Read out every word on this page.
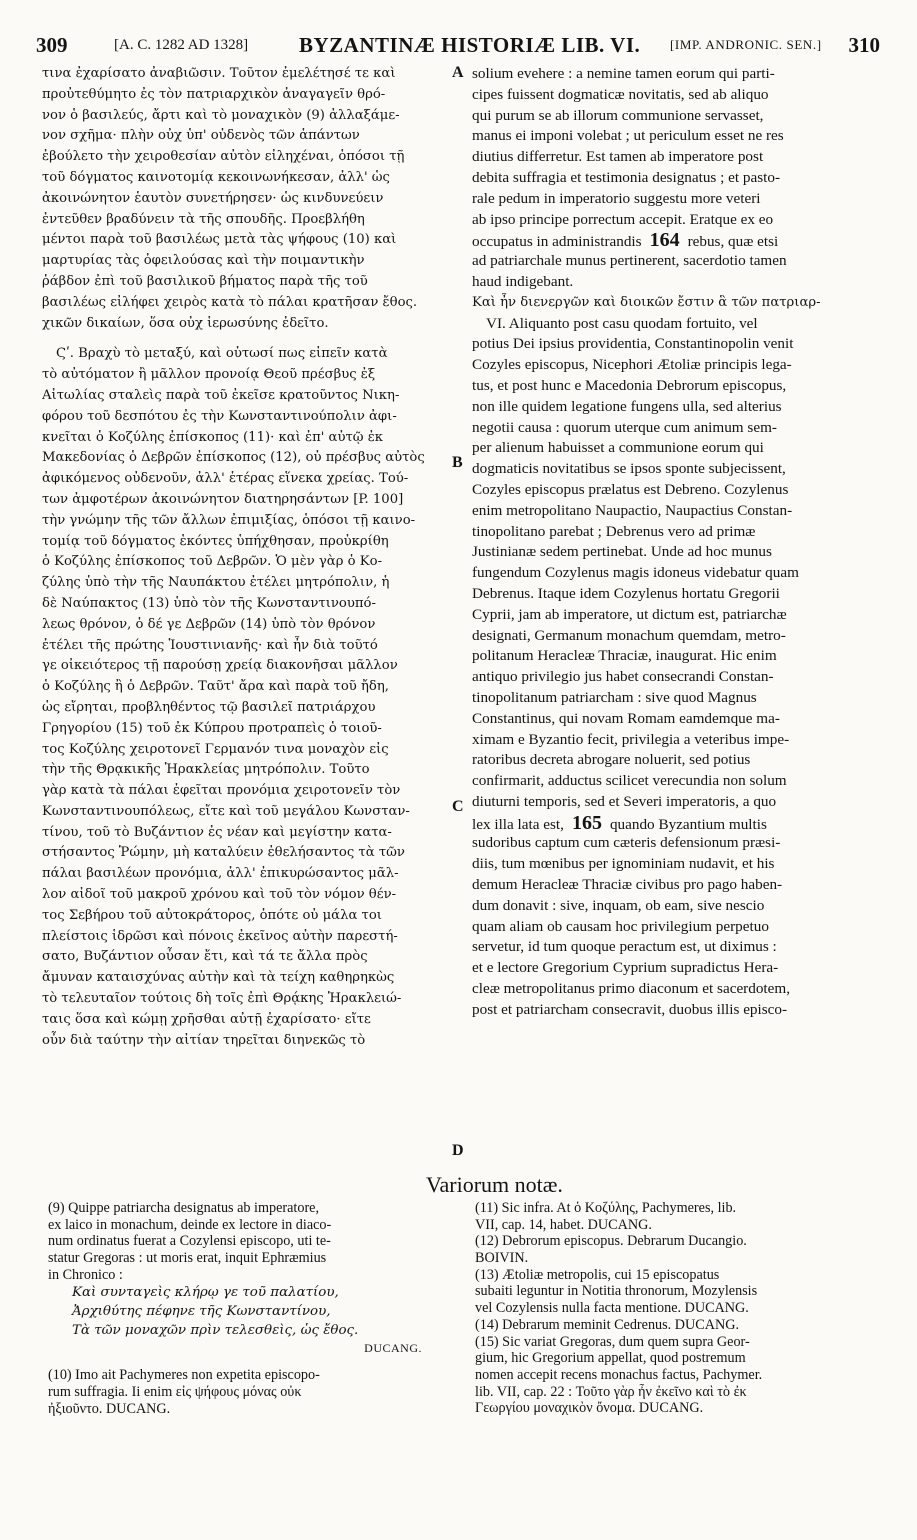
309	[A. C. 1282 AD 1328] BYZANTINÆ HISTORIÆ LIB. VI. [IMP. ANDRONIC. SEN.] 310
τινα ἐχαρίσατο ἀναβιῶσιν. Τοῦτον ἐμελέτησέ τε καὶ
προὐτεθύμητο ἐς τὸν πατριαρχικὸν ἀναγαγεῖν θρό-
νον ὁ βασιλεύς, ἄρτι καὶ τὸ μοναχικὸν (9) ἀλλαξάμε-
νον σχῆμα· πλὴν οὐχ ὑπ' οὐδενὸς τῶν ἁπάντων
ἐβούλετο τὴν χειροθεσίαν αὐτὸν εἰληχέναι, ὁπόσοι τῇ
τοῦ δόγματος καινοτομίᾳ κεκοινωνήκεσαν, ἀλλ' ὡς
ἀκοινώνητον ἑαυτὸν συνετήρησεν· ὡς κινδυνεύειν
ἐντεῦθεν βραδύνειν τὰ τῆς σπουδῆς. Προεβλήθη
μέντοι παρὰ τοῦ βασιλέως μετὰ τὰς ψήφους (10) καὶ
μαρτυρίας τὰς ὀφειλούσας καὶ τὴν ποιμαντικὴν
ῥάβδον ἐπὶ τοῦ βασιλικοῦ βήματος παρὰ τῆς τοῦ
βασιλέως εἰλήφει χειρὸς κατὰ τὸ πάλαι κρατῆσαν ἔθος.
χικῶν δικαίων, ὅσα οὐχ ἱερωσύνης ἐδεῖτο.
Ϛʹ. Βραχὺ τὸ μεταξύ, καὶ οὑτωσί πως εἰπεῖν κατὰ
τὸ αὐτόματον ἢ μᾶλλον προνοίᾳ Θεοῦ πρέσβυς ἐξ
Αἰτωλίας σταλεὶς παρὰ τοῦ ἐκεῖσε κρατοῦντος Νικη-
φόρου τοῦ δεσπότου ἐς τὴν Κωνσταντινούπολιν ἀφι-
κνεῖται ὁ Κοζύλης ἐπίσκοπος (11)· καὶ ἐπ' αὐτῷ ἐκ
Μακεδονίας ὁ Δεβρῶν ἐπίσκοπος (12), οὐ πρέσβυς αὐτὸς
ἀφικόμενος οὐδενοῦν, ἀλλ' ἑτέρας εἵνεκα χρείας. Τού-
των ἀμφοτέρων ἀκοινώνητον διατηρησάντων [P. 100]
τὴν γνώμην τῆς τῶν ἄλλων ἐπιμιξίας, ὁπόσοι τῇ καινο-
τομίᾳ τοῦ δόγματος ἑκόντες ὑπήχθησαν, προὐκρίθη
ὁ Κοζύλης ἐπίσκοπος τοῦ Δεβρῶν. Ὁ μὲν γὰρ ὁ Κο-
ζύλης ὑπὸ τὴν τῆς Ναυπάκτου ἐτέλει μητρόπολιν, ἡ
δὲ Ναύπακτος (13) ὑπὸ τὸν τῆς Κωνσταντινουπό-
λεως θρόνον, ὁ δέ γε Δεβρῶν (14) ὑπὸ τὸν θρόνον
ἐτέλει τῆς πρώτης Ἰουστινιανῆς· καὶ ἦν διὰ τοῦτό
γε οἰκειότερος τῇ παρούσῃ χρείᾳ διακονῆσαι μᾶλλον
ὁ Κοζύλης ἢ ὁ Δεβρῶν. Ταῦτ' ἄρα καὶ παρὰ τοῦ ἤδη,
ὡς εἴρηται, προβληθέντος τῷ βασιλεῖ πατριάρχου
Γρηγορίου (15) τοῦ ἐκ Κύπρου προτραπεὶς ὁ τοιοῦ-
τος Κοζύλης χειροτονεῖ Γερμανόν τινα μοναχὸν εἰς
τὴν τῆς Θρᾳκικῆς Ἡρακλείας μητρόπολιν. Τοῦτο
γὰρ κατὰ τὰ πάλαι ἐφεῖται προνόμια χειροτονεῖν τὸν
Κωνσταντινουπόλεως, εἴτε καὶ τοῦ μεγάλου Κωνσταν-
τίνου, τοῦ τὸ Βυζάντιον ἐς νέαν καὶ μεγίστην κατα-
στήσαντος Ῥώμην, μὴ καταλύειν ἐθελήσαντος τὰ τῶν
πάλαι βασιλέων προνόμια, ἀλλ' ἐπικυρώσαντος μᾶλ-
λον αἰδοῖ τοῦ μακροῦ χρόνου καὶ τοῦ τὸν νόμον θέν-
τος Σεβήρου τοῦ αὐτοκράτορος, ὁπότε οὐ μάλα τοι
πλείστοις ἱδρῶσι καὶ πόνοις ἐκεῖνος αὐτὴν παρεστή-
σατο, Βυζάντιον οὖσαν ἔτι, καὶ τά τε ἄλλα πρὸς
ἄμυναν καταισχύνας αὐτὴν καὶ τὰ τείχη καθηρηκὼς
τὸ τελευταῖον τούτοις δὴ τοῖς ἐπὶ Θρᾴκης Ἡρακλειώ-
ταις ὅσα καὶ κώμῃ χρῆσθαι αὐτῇ ἐχαρίσατο· εἴτε
οὖν διὰ ταύτην τὴν αἰτίαν τηρεῖται διηνεκῶς τὸ
solium evehere : a nemine tamen eorum qui parti-
cipes fuissent dogmaticæ novitatis, sed ab aliquo
qui purum se ab illorum communione servasset,
manus ei imponi volebat ; ut periculum esset ne res
diutius differretur. Est tamen ab imperatore post
debita suffragia et testimonia designatus ; et pasto-
rale pedum in imperatorio suggestu more veteri
ab ipso principe porrectum accepit. Eratque ex eo
occupatus in administrandis 164 rebus, quæ etsi
ad patriarchale munus pertinerent, sacerdotio tamen
haud indigebant.
Καὶ ἦν διενεργῶν καὶ διοικῶν ἔστιν ἃ τῶν πατριαρ-
VI. Aliquanto post casu quodam fortuito, vel
potius Dei ipsius providentia, Constantinopolin venit
Cozyles episcopus, Nicephori Ætoliæ principis lega-
tus, et post hunc e Macedonia Debrorum episcopus,
non ille quidem legatione fungens ulla, sed alterius
negotii causa : quorum uterque cum animum sem-
per alienum habuisset a communione eorum qui
dogmaticis novitatibus se ipsos sponte subjecissent,
Cozyles episcopus prælatus est Debreno. Cozylenus
enim metropolitano Naupactio, Naupactius Constan-
tinopolitano parebat ; Debrenus vero ad primæ
Justinianæ sedem pertinebat. Unde ad hoc munus
fungendum Cozylenus magis idoneus videbatur quam
Debrenus. Itaque idem Cozylenus hortatu Gregorii
Cyprii, jam ab imperatore, ut dictum est, patriarchæ
designati, Germanum monachum quemdam, metro-
politanum Heracleæ Thraciæ, inaugurat. Hic enim
antiquo privilegio jus habet consecrandi Constan-
tinopolitanum patriarcham : sive quod Magnus
Constantinus, qui novam Romam eamdemque ma-
ximam e Byzantio fecit, privilegia a veteribus impe-
ratoribus decreta abrogare noluerit, sed potius
confirmarit, adductus scilicet verecundia non solum
diuturni temporis, sed et Severi imperatoris, a quo
lex illa lata est, 165 quando Byzantium multis
sudoribus captum cum cæteris defensionum præsi-
diis, tum mœnibus per ignominiam nudavit, et his
demum Heracleæ Thraciæ civibus pro pago haben-
dum donavit : sive, inquam, ob eam, sive nescio
quam aliam ob causam hoc privilegium perpetuo
servetur, id tum quoque peractum est, ut diximus :
et e lectore Gregorium Cyprium supradictus Hera-
cleæ metropolitanus primo diaconum et sacerdotem,
post et patriarcham consecravit, duobus illis episco-
A
B
C
D
Variorum notæ.
(9) Quippe patriarcha designatus ab imperatore,
ex laico in monachum, deinde ex lectore in diaco-
num ordinatus fuerat a Cozylensi episcopo, uti te-
statur Gregoras : ut moris erat, inquit Ephræmius
in Chronico :
Καὶ συνταγεὶς κλήρῳ γε τοῦ παλατίου,
Ἀρχιθύτης πέφηνε τῆς Κωνσταντίνου,
Τὰ τῶν μοναχῶν πρὶν τελεσθεὶς, ὡς ἔθος.
DUCANG.
(10) Imo ait Pachymeres non expetita episcopo-
rum suffragia. Ii enim εἰς ψήφους μόνας οὐκ
ἠξιοῦντο. DUCANG.
(11) Sic infra. At ὁ Κοζύλης, Pachymeres, lib.
VII, cap. 14, habet. DUCANG.
(12) Debrorum episcopus. Debrarum Ducangio.
BOIVIN.
(13) Ætoliæ metropolis, cui 15 episcopatus
subaiti leguntur in Notitia thronorum, Mozylensis
vel Cozylensis nulla facta mentione. DUCANG.
(14) Debrarum meminit Cedrenus. DUCANG.
(15) Sic variat Gregoras, dum quem supra Geor-
gium, hic Gregorium appellat, quod postremum
nomen accepit recens monachus factus, Pachymer.
lib. VII, cap. 22 : Τοῦτο γὰρ ἦν ἐκεῖνο καὶ τὸ ἐκ
Γεωργίου μοναχικὸν ὄνομα. DUCANG.
